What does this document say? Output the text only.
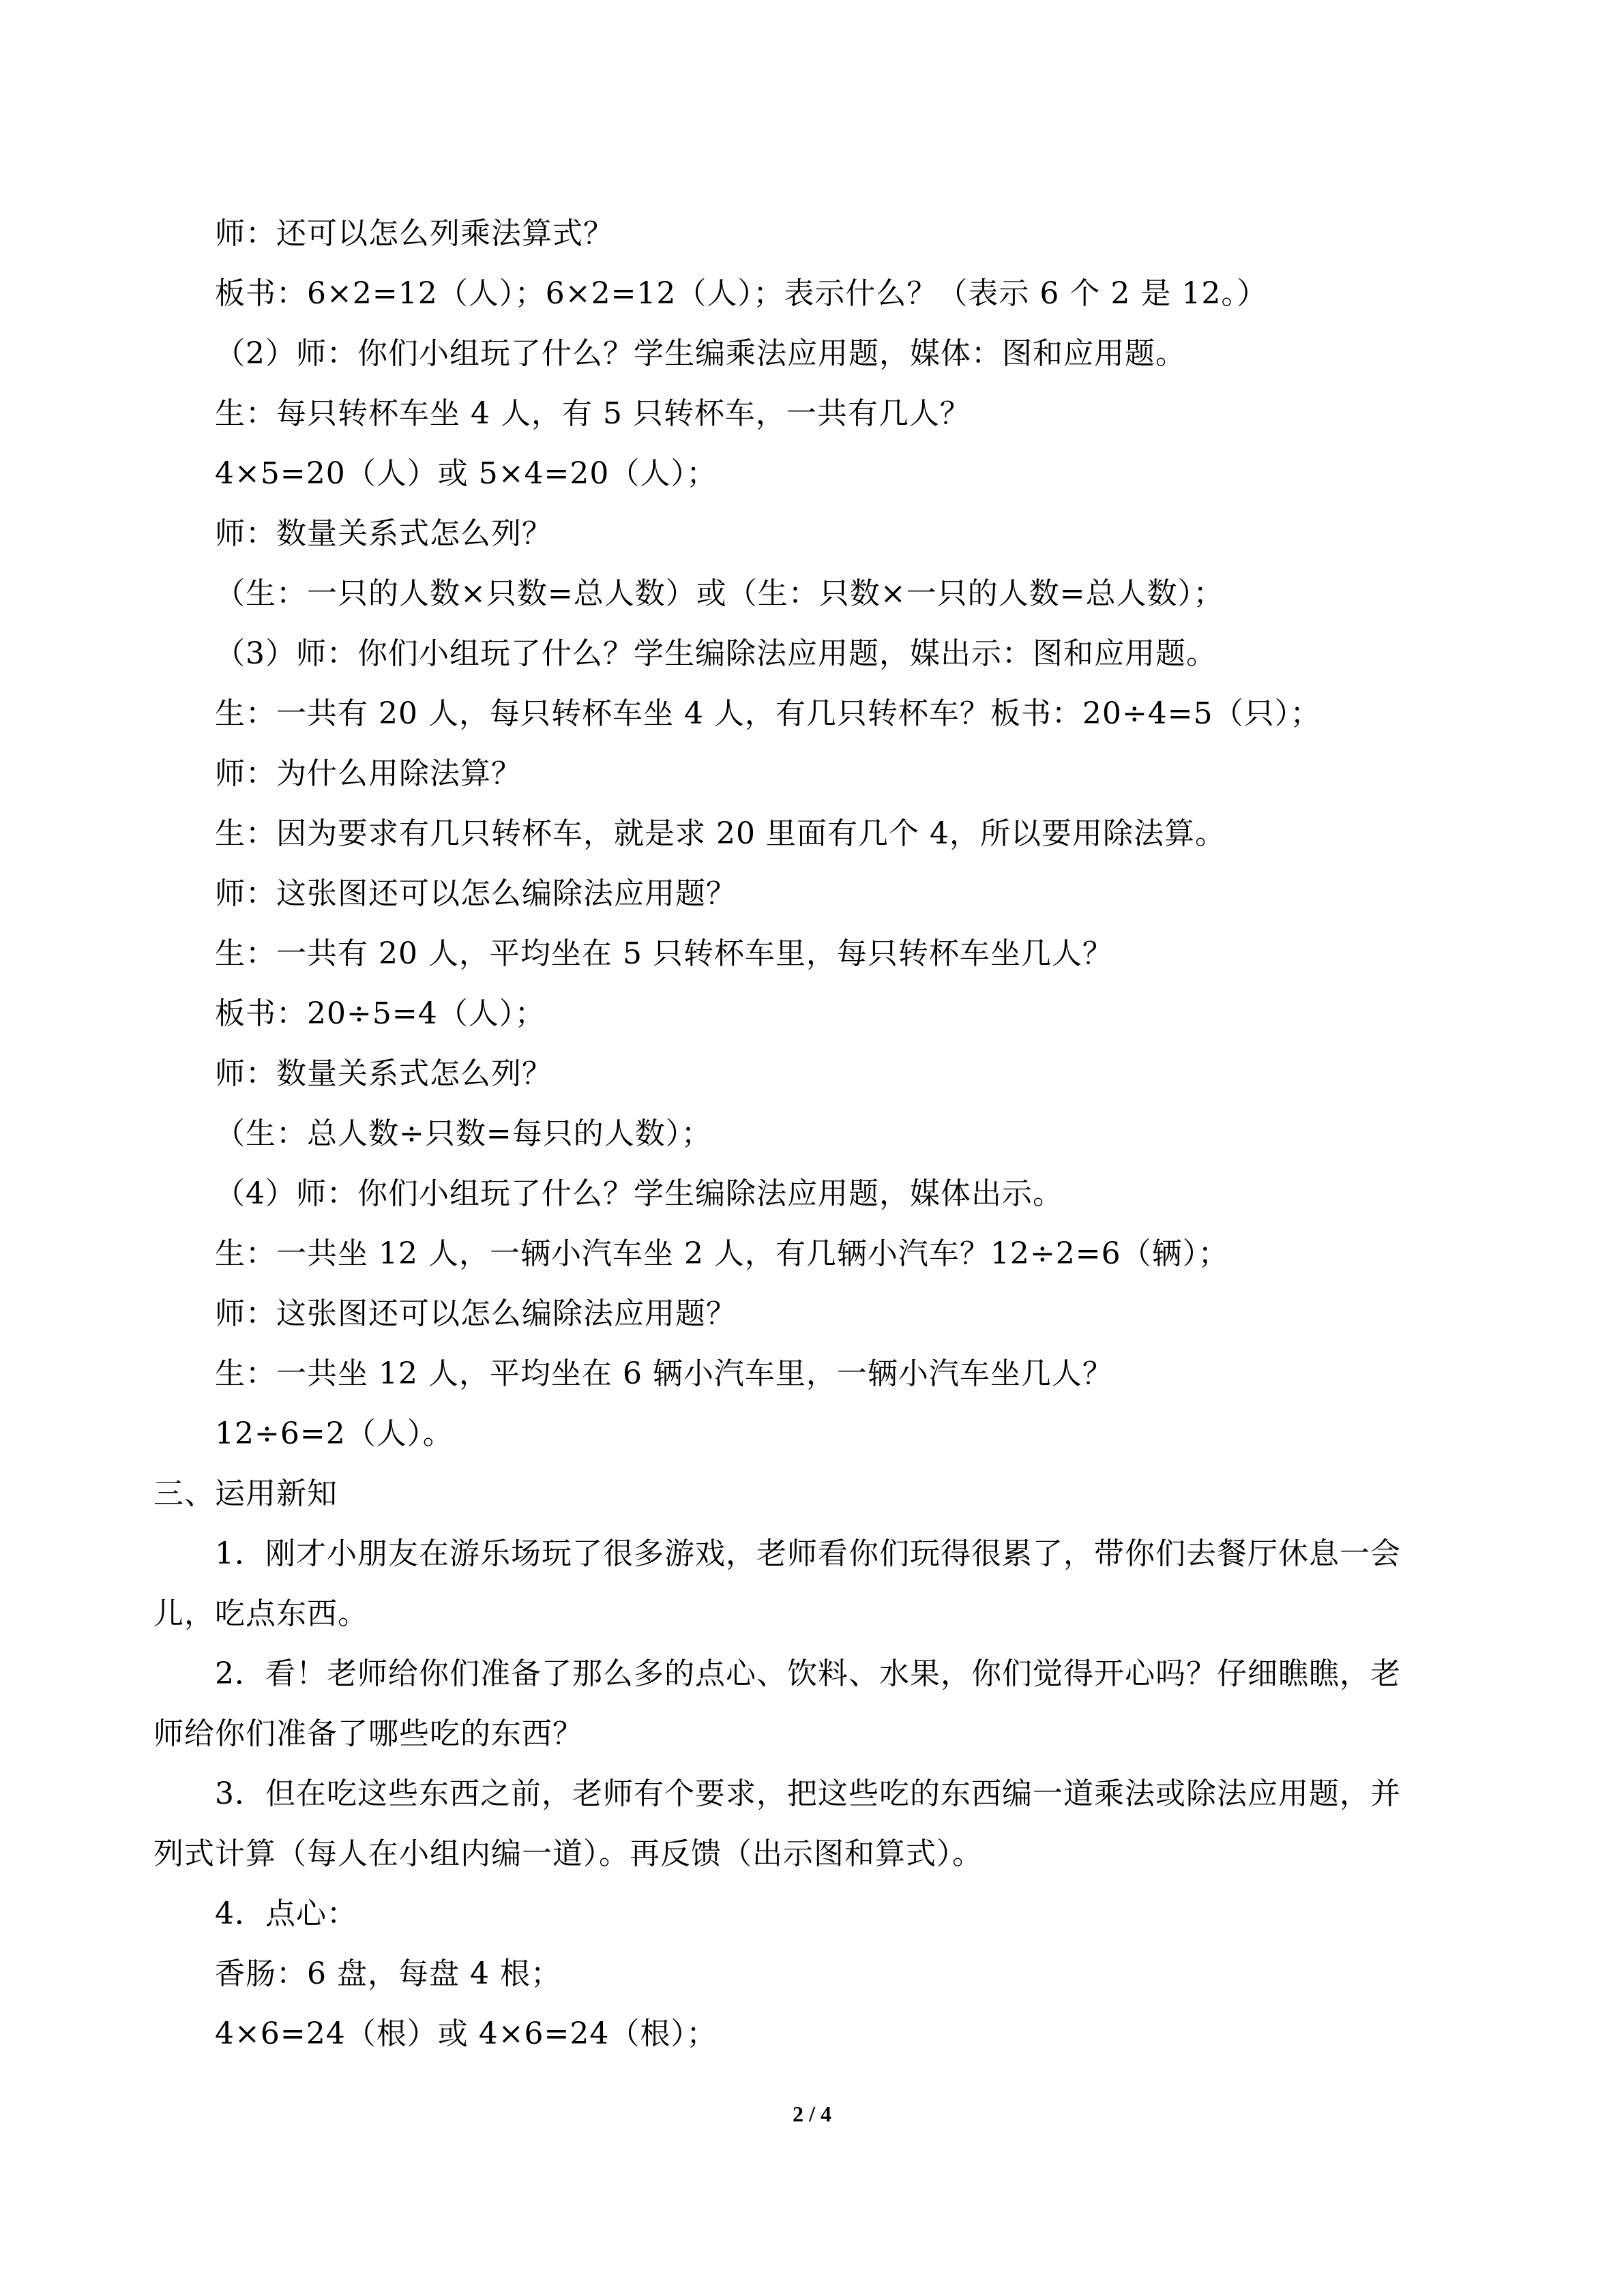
师：还可以怎么列乘法算式？
板书：6×2=12（人）；6×2=12（人）；表示什么？（表示 6 个 2 是 12。）
（2）师：你们小组玩了什么？学生编乘法应用题，媒体：图和应用题。
生：每只转杯车坐 4 人，有 5 只转杯车，一共有几人？
4×5=20（人）或 5×4=20（人）；
师：数量关系式怎么列？
（生：一只的人数×只数=总人数）或（生：只数×一只的人数=总人数）；
（3）师：你们小组玩了什么？学生编除法应用题，媒出示：图和应用题。
生：一共有 20 人，每只转杯车坐 4 人，有几只转杯车？板书：20÷4=5（只）；
师：为什么用除法算？
生：因为要求有几只转杯车，就是求 20 里面有几个 4，所以要用除法算。
师：这张图还可以怎么编除法应用题？
生：一共有 20 人，平均坐在 5 只转杯车里，每只转杯车坐几人？
板书：20÷5=4（人）；
师：数量关系式怎么列？
（生：总人数÷只数=每只的人数）；
（4）师：你们小组玩了什么？学生编除法应用题，媒体出示。
生：一共坐 12 人，一辆小汽车坐 2 人，有几辆小汽车？12÷2=6（辆）；
师：这张图还可以怎么编除法应用题？
生：一共坐 12 人，平均坐在 6 辆小汽车里，一辆小汽车坐几人？
12÷6=2（人）。
三、运用新知
1．刚才小朋友在游乐场玩了很多游戏，老师看你们玩得很累了，带你们去餐厅休息一会
儿，吃点东西。
2．看！老师给你们准备了那么多的点心、饮料、水果，你们觉得开心吗？仔细瞧瞧，老
师给你们准备了哪些吃的东西？
3．但在吃这些东西之前，老师有个要求，把这些吃的东西编一道乘法或除法应用题，并
列式计算（每人在小组内编一道）。再反馈（出示图和算式）。
4．点心：
香肠：6 盘，每盘 4 根；
4×6=24（根）或 4×6=24（根）；
2 / 4
